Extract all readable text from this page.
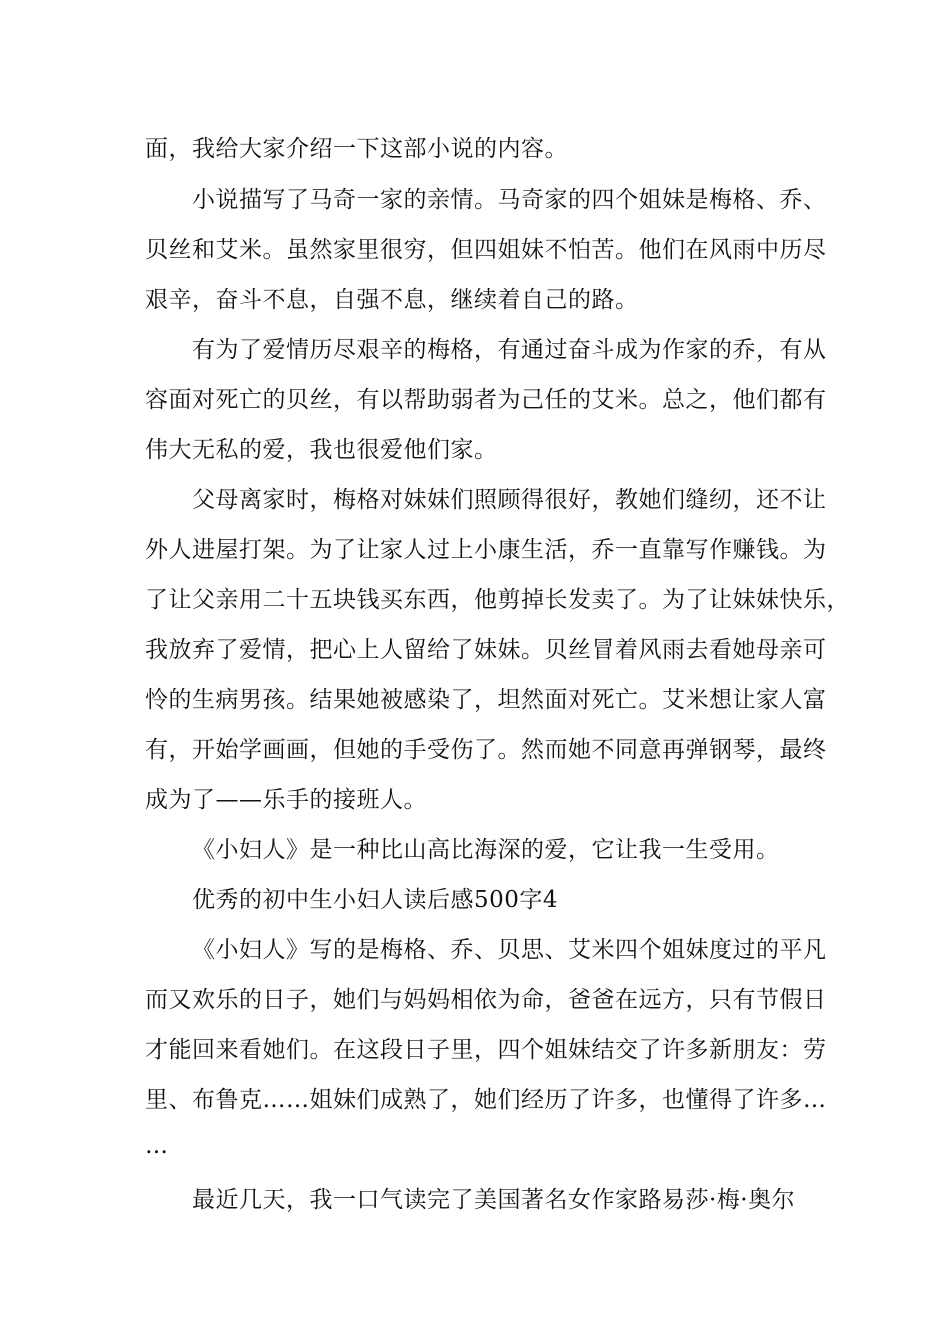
面，我给大家介绍一下这部小说的内容。
小说描写了马奇一家的亲情。马奇家的四个姐妹是梅格、乔、
贝丝和艾米。虽然家里很穷，但四姐妹不怕苦。他们在风雨中历尽
艰辛，奋斗不息，自强不息，继续着自己的路。
有为了爱情历尽艰辛的梅格，有通过奋斗成为作家的乔，有从
容面对死亡的贝丝，有以帮助弱者为己任的艾米。总之，他们都有
伟大无私的爱，我也很爱他们家。
父母离家时，梅格对妹妹们照顾得很好，教她们缝纫，还不让
外人进屋打架。为了让家人过上小康生活，乔一直靠写作赚钱。为
了让父亲用二十五块钱买东西，他剪掉长发卖了。为了让妹妹快乐，
我放弃了爱情，把心上人留给了妹妹。贝丝冒着风雨去看她母亲可
怜的生病男孩。结果她被感染了，坦然面对死亡。艾米想让家人富
有，开始学画画，但她的手受伤了。然而她不同意再弹钢琴，最终
成为了——乐手的接班人。
《小妇人》是一种比山高比海深的爱，它让我一生受用。
优秀的初中生小妇人读后感500字4
《小妇人》写的是梅格、乔、贝思、艾米四个姐妹度过的平凡
而又欢乐的日子，她们与妈妈相依为命，爸爸在远方，只有节假日
才能回来看她们。在这段日子里，四个姐妹结交了许多新朋友：劳
里、布鲁克……姐妹们成熟了，她们经历了许多，也懂得了许多…
…
最近几天，我一口气读完了美国著名女作家路易莎·梅·奥尔
